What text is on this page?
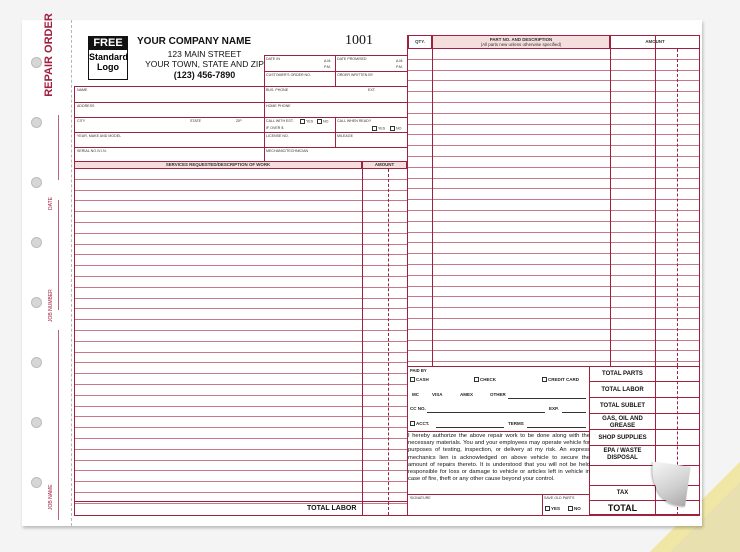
REPAIR ORDER
DATE
JOB NUMBER
JOB NAME
FREE
Standard
Logo
YOUR COMPANY NAME
123 MAIN STREET
YOUR TOWN, STATE AND ZIP
(123) 456-7890
1001
DATE IN	A.M.
P.M.
DATE PROMISED	A.M.
P.M.
CUSTOMER'S ORDER NO.	ORDER WRITTEN BY
NAME	BUS. PHONE	EXT.
ADDRESS	HOME PHONE
CITY	STATE	ZIP	CALL WITH EST.	YES	NO
IF OVER $
CALL WHEN READY
YES	NO
YEAR, MAKE AND MODEL	LICENSE NO.	MILEAGE
SERIAL NO./V.I.N.	MECHANIC/TECHNICIAN
SERVICES REQUESTED/DESCRIPTION OF WORK	AMOUNT
TOTAL LABOR
QTY.	PART NO. AND DESCRIPTION
(All parts new unless otherwise specified)
AMOUNT
PAID BY
CASH	CHECK	CREDIT CARD
MC	VISA	AMEX	OTHER
CC NO.	EXP.
ACCT.	TERMS
I hereby authorize the above repair work to be done along with the necessary materials. You and your employees may operate vehicle for purposes of testing, inspection, or delivery at my risk. An express mechanics lien is acknowledged on above vehicle to secure the amount of repairs thereto. It is understood that you will not be held responsible for loss or damage to vehicle or articles left in vehicle in case of fire, theft or any other cause beyond your control.
SIGNATURE	SAVE OLD PARTS
YES	NO
TOTAL PARTS
TOTAL LABOR
TOTAL SUBLET
GAS, OIL AND GREASE
SHOP SUPPLIES
EPA / WASTE DISPOSAL
TAX
TOTAL
